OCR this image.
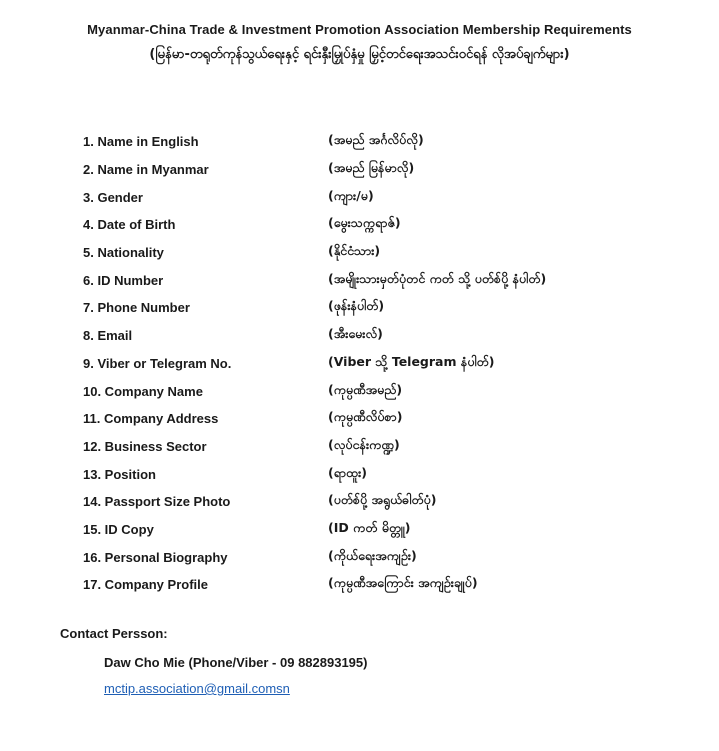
Myanmar-China Trade & Investment Promotion Association Membership Requirements
(မြန်မာ-တရုတ်ကုန်သွယ်ရေးနှင့် ရင်းနှီးမြှုပ်နှံမှု မြှင့်တင်ရေးအသင်းဝင်ရန် လိုအပ်ချက်များ)
1. Name in English	(အမည် အင်္ဂလိပ်လို)
2. Name in Myanmar	(အမည် မြန်မာလို)
3. Gender	(ကျား/မ)
4. Date of Birth	(မွေးသက္ကရာဇ်)
5. Nationality	(နိုင်ငံသား)
6. ID Number	(အမျိုးသားမှတ်ပုံတင် ကတ် သို့ ပတ်စ်ပို့ နံပါတ်)
7. Phone Number	(ဖုန်းနံပါတ်)
8. Email	(အီးမေးလ်)
9. Viber or Telegram No.	(Viber သို့ Telegram နံပါတ်)
10. Company Name	(ကုမ္ပဏီအမည်)
11. Company Address	(ကုမ္ပဏီလိပ်စာ)
12. Business Sector	(လုပ်ငန်းကဏ္ဍ)
13. Position	(ရာထူး)
14. Passport Size Photo	(ပတ်စ်ပို့ အရွယ်ဓါတ်ပုံ)
15. ID Copy	(ID ကတ် မိတ္တူ)
16. Personal Biography	(ကိုယ်ရေးအကျဉ်း)
17. Company Profile	(ကုမ္ပဏီအကြောင်း အကျဉ်းချုပ်)
Contact Persson:
Daw Cho Mie (Phone/Viber - 09 882893195)
mctip.association@gmail.comsn
